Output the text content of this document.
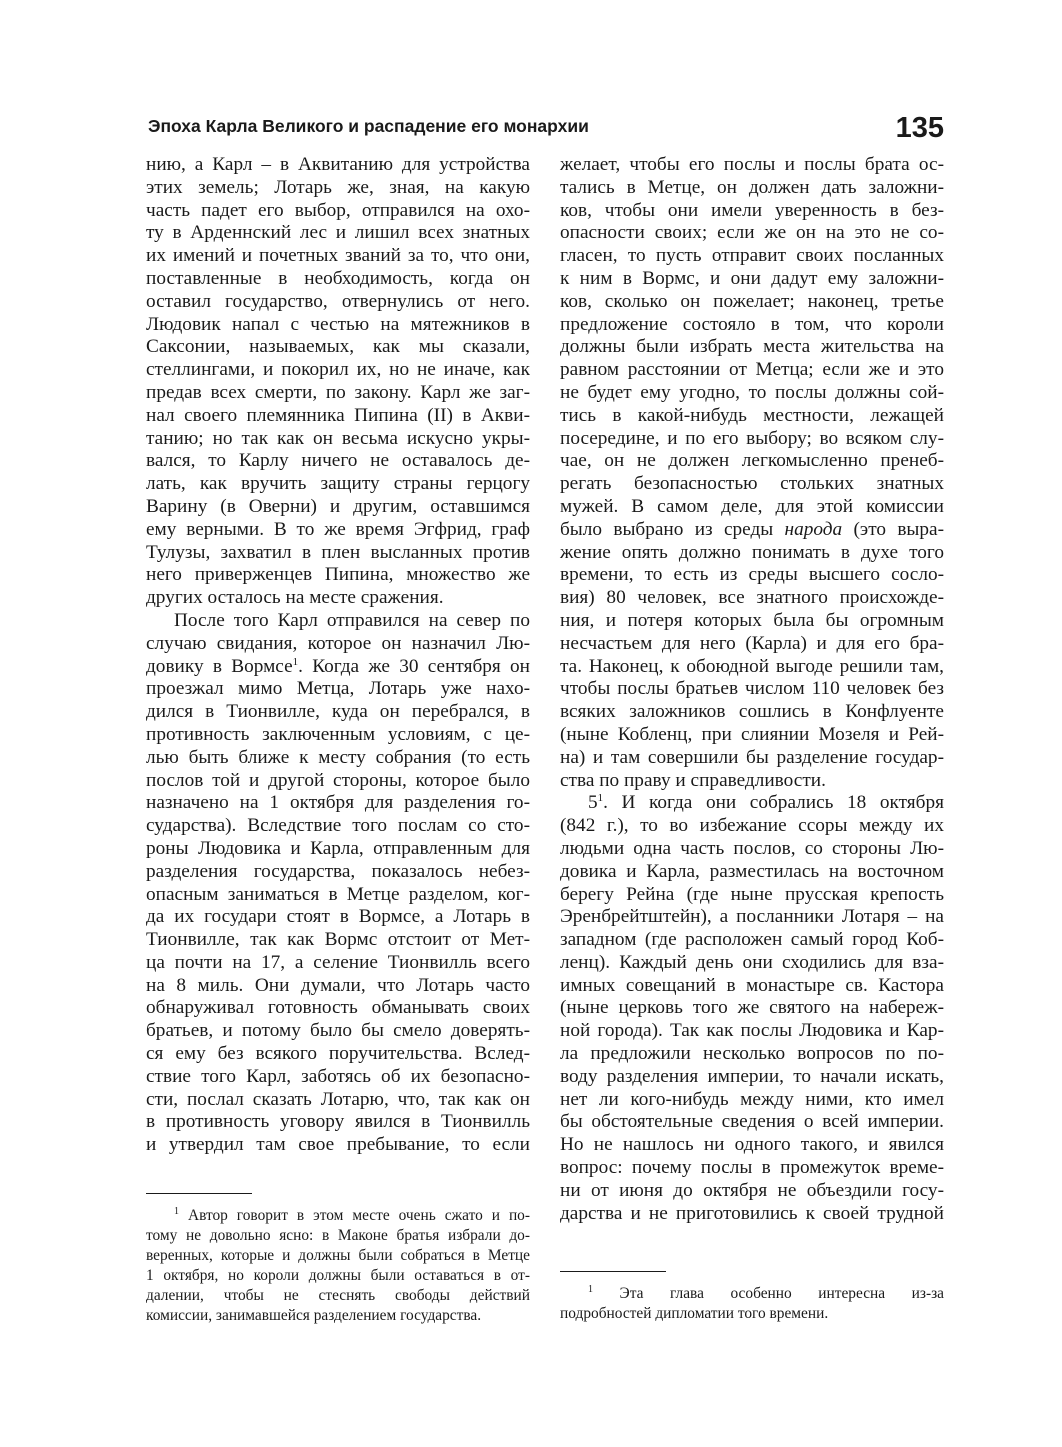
Эпоха Карла Великого и распадение его монархии	135
нию, а Карл – в Аквитанию для устройства
этих земель; Лотарь же, зная, на какую
часть падет его выбор, отправился на охо-
ту в Арденнский лес и лишил всех знатных
их имений и почетных званий за то, что они,
поставленные в необходимость, когда он
оставил государство, отвернулись от него.
Людовик напал с честью на мятежников в
Саксонии, называемых, как мы сказали,
стеллингами, и покорил их, но не иначе, как
предав всех смерти, по закону. Карл же заг-
нал своего племянника Пипина (II) в Акви-
танию; но так как он весьма искусно укры-
вался, то Карлу ничего не оставалось де-
лать, как вручить защиту страны герцогу
Варину (в Оверни) и другим, оставшимся
ему верными. В то же время Эгфрид, граф
Тулузы, захватил в плен высланных против
него приверженцев Пипина, множество же
других осталось на месте сражения.
После того Карл отправился на север по
случаю свидания, которое он назначил Лю-
довику в Вормсе$^1$. Когда же 30 сентября он
проезжал мимо Метца, Лотарь уже нахо-
дился в Тионвилле, куда он перебрался, в
противность заключенным условиям, с це-
лью быть ближе к месту собрания (то есть
послов той и другой стороны, которое было
назначено на 1 октября для разделения го-
сударства). Вследствие того послам со сто-
роны Людовика и Карла, отправленным для
разделения государства, показалось небез-
опасным заниматься в Метце разделом, ког-
да их государи стоят в Вормсе, а Лотарь в
Тионвилле, так как Вормс отстоит от Мет-
ца почти на 17, а селение Тионвилль всего
на 8 миль. Они думали, что Лотарь часто
обнаруживал готовность обманывать своих
братьев, и потому было бы смело доверять-
ся ему без всякого поручительства. Вслед-
ствие того Карл, заботясь об их безопасно-
сти, послал сказать Лотарю, что, так как он
в противность уговору явился в Тионвилль
и утвердил там свое пребывание, то если
желает, чтобы его послы и послы брата ос-
тались в Метце, он должен дать заложни-
ков, чтобы они имели уверенность в без-
опасности своих; если же он на это не со-
гласен, то пусть отправит своих посланных
к ним в Вормс, и они дадут ему заложни-
ков, сколько он пожелает; наконец, третье
предложение состояло в том, что короли
должны были избрать места жительства на
равном расстоянии от Метца; если же и это
не будет ему угодно, то послы должны сой-
тись в какой-нибудь местности, лежащей
посередине, и по его выбору; во всяком слу-
чае, он не должен легкомысленно пренеб-
регать безопасностью стольких знатных
мужей. В самом деле, для этой комиссии
было выбрано из среды народа (это выра-
жение опять должно понимать в духе того
времени, то есть из среды высшего сосло-
вия) 80 человек, все знатного происхожде-
ния, и потеря которых была бы огромным
несчастьем для него (Карла) и для его бра-
та. Наконец, к обоюдной выгоде решили там,
чтобы послы братьев числом 110 человек без
всяких заложников сошлись в Конфлуенте
(ныне Кобленц, при слиянии Мозеля и Рей-
на) и там совершили бы разделение государ-
ства по праву и справедливости.
$5^1$. И когда они собрались 18 октября
(842 г.), то во избежание ссоры между их
людьми одна часть послов, со стороны Лю-
довика и Карла, разместилась на восточном
берегу Рейна (где ныне прусская крепость
Эренбрейтштейн), а посланники Лотаря – на
западном (где расположен самый город Коб-
ленц). Каждый день они сходились для вза-
имных совещаний в монастыре св. Кастора
(ныне церковь того же святого на набереж-
ной города). Так как послы Людовика и Кар-
ла предложили несколько вопросов по по-
воду разделения империи, то начали искать,
нет ли кого-нибудь между ними, кто имел
бы обстоятельные сведения о всей империи.
Но не нашлось ни одного такого, и явился
вопрос: почему послы в промежуток време-
ни от июня до октября не объездили госу-
дарства и не приготовились к своей трудной
$^1$ Автор говорит в этом месте очень сжато и по-
тому не довольно ясно: в Маконе братья избрали до-
веренных, которые и должны были собраться в Метце
1 октября, но короли должны были оставаться в от-
далении, чтобы не стеснять свободы действий
комиссии, занимавшейся разделением государства.
$^1$ Эта глава особенно интересна из-за
подробностей дипломатии того времени.
